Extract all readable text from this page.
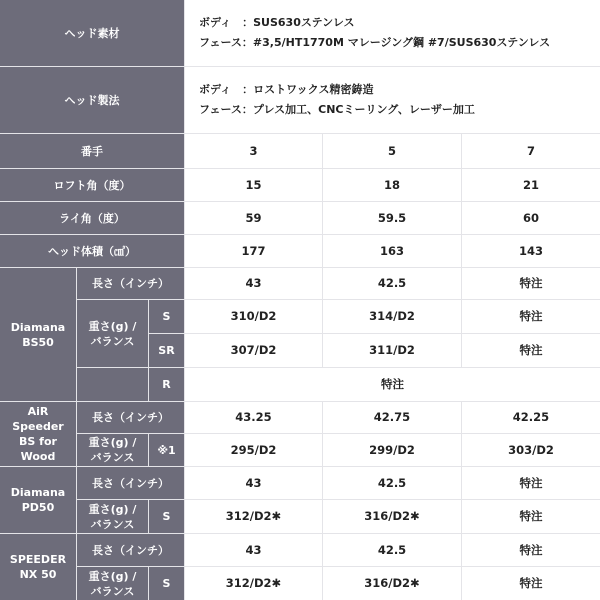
ヘッド素材
ボディ　：SUS630ステンレス
フェース：#3,5/HT1770M マレージング鋼 #7/SUS630ステンレス
ヘッド製法
ボディ　：ロストワックス精密鋳造
フェース：プレス加工、CNCミーリング、レーザー加工
番手	3	5	7
ロフト角（度）	15	18	21
ライ角（度）	59	59.5	60
ヘッド体積（㎤）	177	163	143
Diamana
BS50
長さ（インチ）	43	42.5	特注
重さ(g) /
バランス
S	310/D2	314/D2	特注
SR	307/D2	311/D2	特注
R	特注
AiR Speeder
BS for Wood
長さ（インチ）	43.25	42.75	42.25
重さ(g) /
バランス
※1	295/D2	299/D2	303/D2
Diamana
PD50
長さ（インチ）	43	42.5	特注
重さ(g) /
バランス
S	312/D2✱	316/D2✱	特注
SPEEDER
NX 50
長さ（インチ）	43	42.5	特注
重さ(g) /
バランス
S	312/D2✱	316/D2✱	特注
